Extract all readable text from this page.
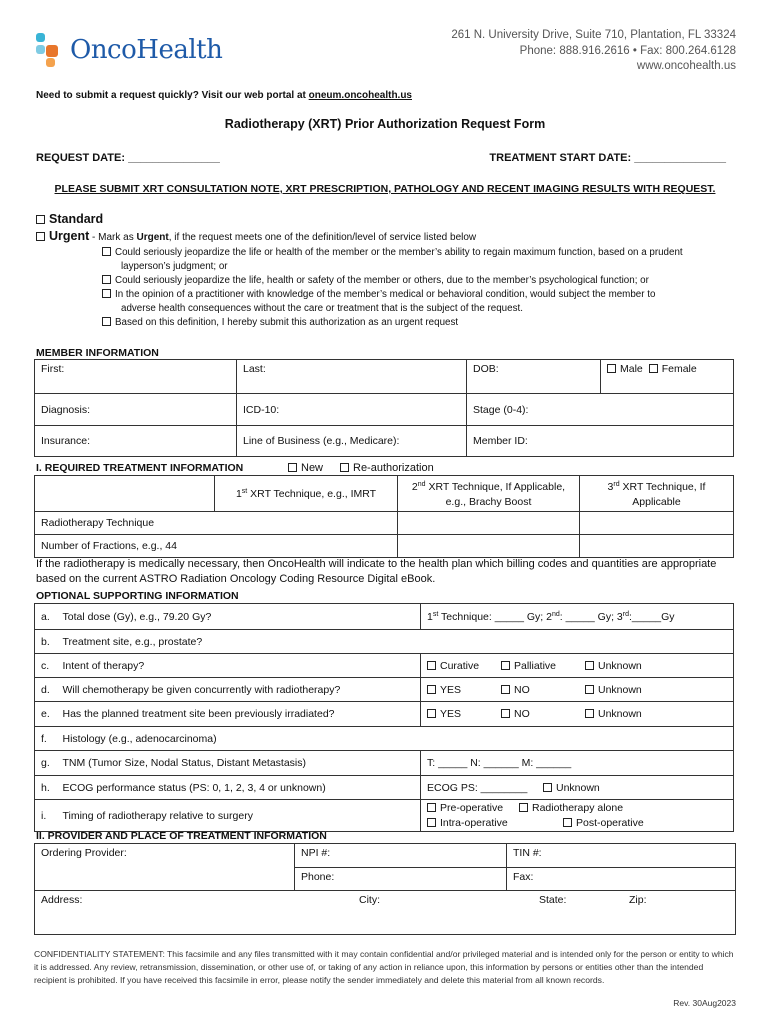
OncoHealth	261 N. University Drive, Suite 710, Plantation, FL 33324
Phone: 888.916.2616 • Fax: 800.264.6128
www.oncohealth.us
Need to submit a request quickly? Visit our web portal at oneum.oncohealth.us
Radiotherapy (XRT) Prior Authorization Request Form
REQUEST DATE: _______________	TREATMENT START DATE: _______________
PLEASE SUBMIT XRT CONSULTATION NOTE, XRT PRESCRIPTION, PATHOLOGY AND RECENT IMAGING RESULTS WITH REQUEST.
Standard
Urgent - Mark as Urgent, if the request meets one of the definition/level of service listed below
Could seriously jeopardize the life or health of the member or the member’s ability to regain maximum function, based on a prudent
layperson’s judgment; or
Could seriously jeopardize the life, health or safety of the member or others, due to the member’s psychological function; or
In the opinion of a practitioner with knowledge of the member’s medical or behavioral condition, would subject the member to
adverse health consequences without the care or treatment that is the subject of the request.
Based on this definition, I hereby submit this authorization as an urgent request
MEMBER INFORMATION
First:	Last:	DOB:	Male Female
Diagnosis:	ICD-10:	Stage (0-4):	
Insurance:	Line of Business (e.g., Medicare):	Member ID:	
I. REQUIRED TREATMENT INFORMATION	New	Re-authorization
	1st XRT Technique, e.g., IMRT	2nd XRT Technique, If Applicable, e.g., Brachy Boost	3rd XRT Technique, If Applicable
Radiotherapy Technique			
Number of Fractions, e.g., 44			
If the radiotherapy is medically necessary, then OncoHealth will indicate to the health plan which billing codes and quantities are appropriate based on the current ASTRO Radiation Oncology Coding Resource Digital eBook.
OPTIONAL SUPPORTING INFORMATION
a.	Total dose (Gy), e.g., 79.20 Gy?	1st Technique: _____ Gy; 2nd: _____ Gy; 3rd:_____Gy
b.	Treatment site, e.g., prostate?	
c.	Intent of therapy?	Curative Palliative Unknown
d.	Will chemotherapy be given concurrently with radiotherapy?	YES NO Unknown
e.	Has the planned treatment site been previously irradiated?	YES NO Unknown
f.	Histology (e.g., adenocarcinoma)	
g.	TNM (Tumor Size, Nodal Status, Distant Metastasis)	T: _____ N: ______ M: ______
h.	ECOG performance status (PS: 0, 1, 2, 3, 4 or unknown)	ECOG PS: ________ Unknown
i.	Timing of radiotherapy relative to surgery	Pre-operative Radiotherapy alone
Intra-operative Post-operative
II. PROVIDER AND PLACE OF TREATMENT INFORMATION
Ordering Provider:	NPI #:	TIN #:
	Phone:	Fax:
Address: City: State: Zip:		
CONFIDENTIALITY STATEMENT: This facsimile and any files transmitted with it may contain confidential and/or privileged material and is intended only for the person or entity to which it is addressed. Any review, retransmission, dissemination, or other use of, or taking of any action in reliance upon, this information by persons or entities other than the intended recipient is prohibited. If you have received this facsimile in error, please notify the sender immediately and delete this material from all known records.
Rev. 30Aug2023
